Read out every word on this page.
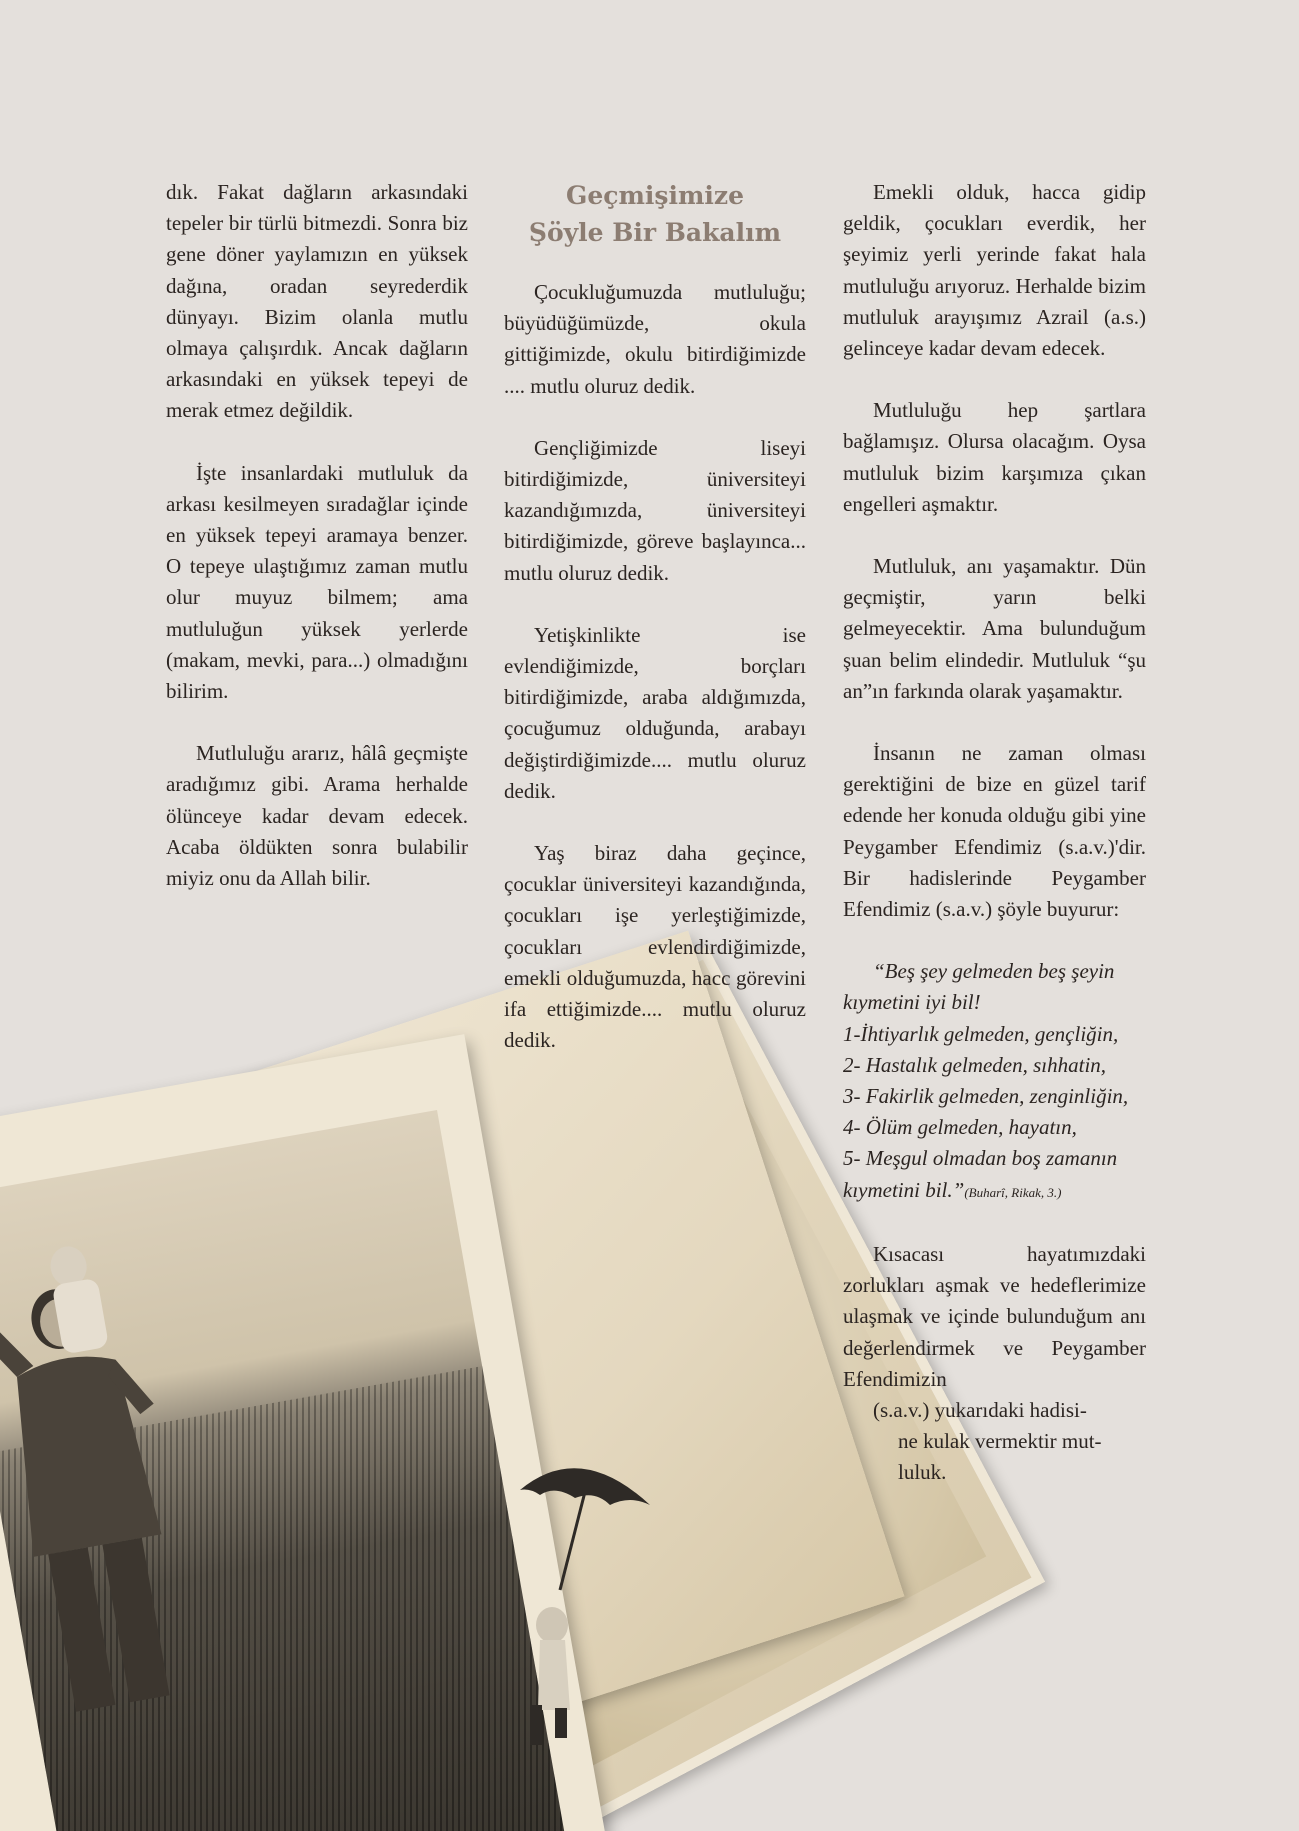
dık. Fakat dağların arkasındaki tepeler bir türlü bitmezdi. Sonra biz gene döner yaylamızın en yüksek dağına, oradan seyrederdik dünyayı. Bizim olanla mutlu olmaya çalışırdık. Ancak dağların arkasındaki en yüksek tepeyi de merak etmez değildik.

İşte insanlardaki mutluluk da arkası kesilmeyen sıradağlar içinde en yüksek tepeyi aramaya benzer. O tepeye ulaştığımız zaman mutlu olur muyuz bilmem; ama mutluluğun yüksek yerlerde (makam, mevki, para...) olmadığını bilirim.

Mutluluğu ararız, hâlâ geçmişte aradığımız gibi. Arama herhalde ölünceye kadar devam edecek. Acaba öldükten sonra bulabilir miyiz onu da Allah bilir.

Geçmişimize
Şöyle Bir Bakalım

Çocukluğumuzda mutluluğu; büyüdüğümüzde, okula gittiğimizde, okulu bitirdiğimizde .... mutlu oluruz dedik.

Gençliğimizde liseyi bitirdiğimizde, üniversiteyi kazandığımızda, üniversiteyi bitirdiğimizde, göreve başlayınca... mutlu oluruz dedik.

Yetişkinlikte ise evlendiğimizde, borçları bitirdiğimizde, araba aldığımızda, çocuğumuz olduğunda, arabayı değiştirdiğimizde.... mutlu oluruz dedik.

Yaş biraz daha geçince, çocuklar üniversiteyi kazandığında, çocukları işe yerleştiğimizde, çocukları evlendirdiğimizde, emekli olduğumuzda, hacc görevini ifa ettiğimizde.... mutlu oluruz dedik.

Emekli olduk, hacca gidip geldik, çocukları everdik, her şeyimiz yerli yerinde fakat hala mutluluğu arıyoruz. Herhalde bizim mutluluk arayışımız Azrail (a.s.) gelinceye kadar devam edecek.

Mutluluğu hep şartlara bağlamışız. Olursa olacağım. Oysa mutluluk bizim karşımıza çıkan engelleri aşmaktır.

Mutluluk, anı yaşamaktır. Dün geçmiştir, yarın belki gelmeyecektir. Ama bulunduğum şuan belim elindedir. Mutluluk “şu an”ın farkında olarak yaşamaktır.

İnsanın ne zaman olması gerektiğini de bize en güzel tarif edende her konuda olduğu gibi yine Peygamber Efendimiz (s.a.v.)'dir. Bir hadislerinde Peygamber Efendimiz (s.a.v.) şöyle buyurur:

“Beş şey gelmeden beş şeyin kıymetini iyi bil!
1-İhtiyarlık gelmeden, gençliğin,
2- Hastalık gelmeden, sıhhatin,
3- Fakirlik gelmeden, zenginliğin,
4- Ölüm gelmeden, hayatın,
5- Meşgul olmadan boş zamanın kıymetini bil.”(Buharî, Rikak, 3.)

Kısacası hayatımızdaki zorlukları aşmak ve hedeflerimize ulaşmak ve içinde bulunduğum anı değerlendirmek ve Peygamber Efendimizin

(s.a.v.) yukarıdaki hadisi-
ne kulak vermektir mut-
luluk.
